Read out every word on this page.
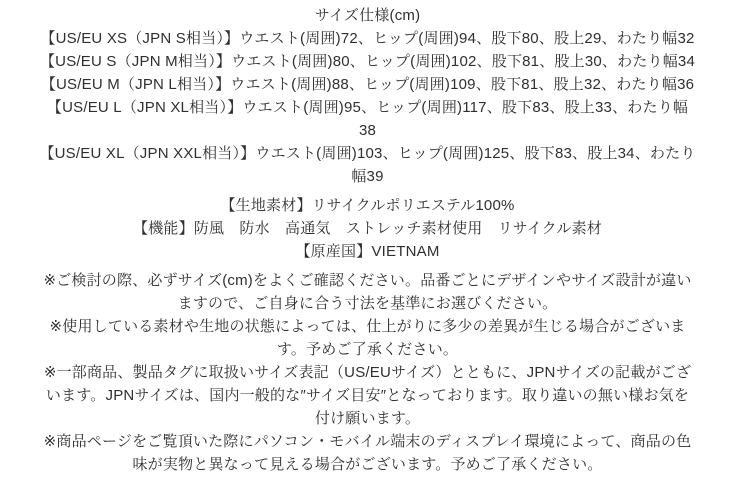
サイズ仕様(cm)
【US/EU XS（JPN S相当）】ウエスト(周囲)72、ヒップ(周囲)94、股下80、股上29、わたり幅32
【US/EU S（JPN M相当）】ウエスト(周囲)80、ヒップ(周囲)102、股下81、股上30、わたり幅34
【US/EU M（JPN L相当）】ウエスト(周囲)88、ヒップ(周囲)109、股下81、股上32、わたり幅36
【US/EU L（JPN XL相当）】ウエスト(周囲)95、ヒップ(周囲)117、股下83、股上33、わたり幅
38
【US/EU XL（JPN XXL相当）】ウエスト(周囲)103、ヒップ(周囲)125、股下83、股上34、わたり
幅39
【生地素材】リサイクルポリエステル100%
【機能】防風　防水　高通気　ストレッチ素材使用　リサイクル素材
【原産国】VIETNAM
※ご検討の際、必ずサイズ(cm)をよくご確認ください。品番ごとにデザインやサイズ設計が違い
ますので、ご自身に合う寸法を基準にお選びください。
※使用している素材や生地の状態によっては、仕上がりに多少の差異が生じる場合がございま
す。予めご了承ください。
※一部商品、製品タグに取扱いサイズ表記（US/EUサイズ）とともに、JPNサイズの記載がござ
います。JPNサイズは、国内一般的な″サイズ目安″となっております。取り違いの無い様お気を
付け願います。
※商品ページをご覧頂いた際にパソコン・モバイル端末のディスプレイ環境によって、商品の色
味が実物と異なって見える場合がございます。予めご了承ください。
